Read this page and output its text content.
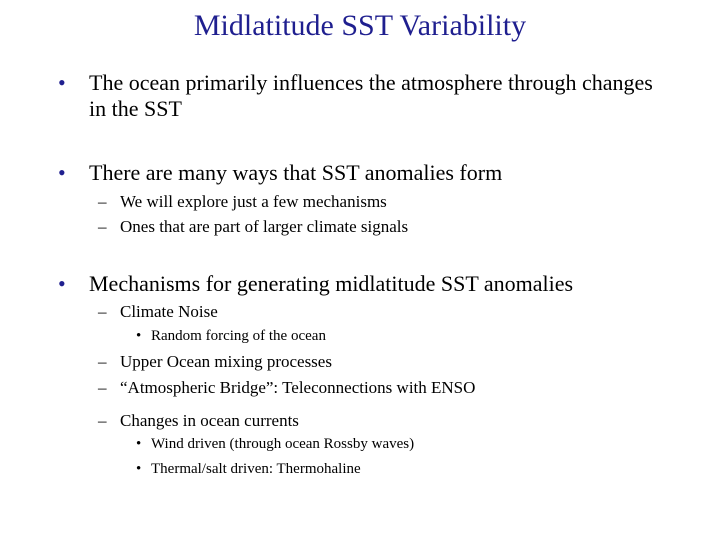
Midlatitude SST Variability
• The ocean primarily influences the atmosphere through changes in the SST
• There are many ways that SST anomalies form
– We will explore just a few mechanisms
– Ones that are part of larger climate signals
• Mechanisms for generating midlatitude SST anomalies
– Climate Noise
• Random forcing of the ocean
– Upper Ocean mixing processes
– “Atmospheric Bridge”: Teleconnections with ENSO
– Changes in ocean currents
• Wind driven (through ocean Rossby waves)
• Thermal/salt driven: Thermohaline
